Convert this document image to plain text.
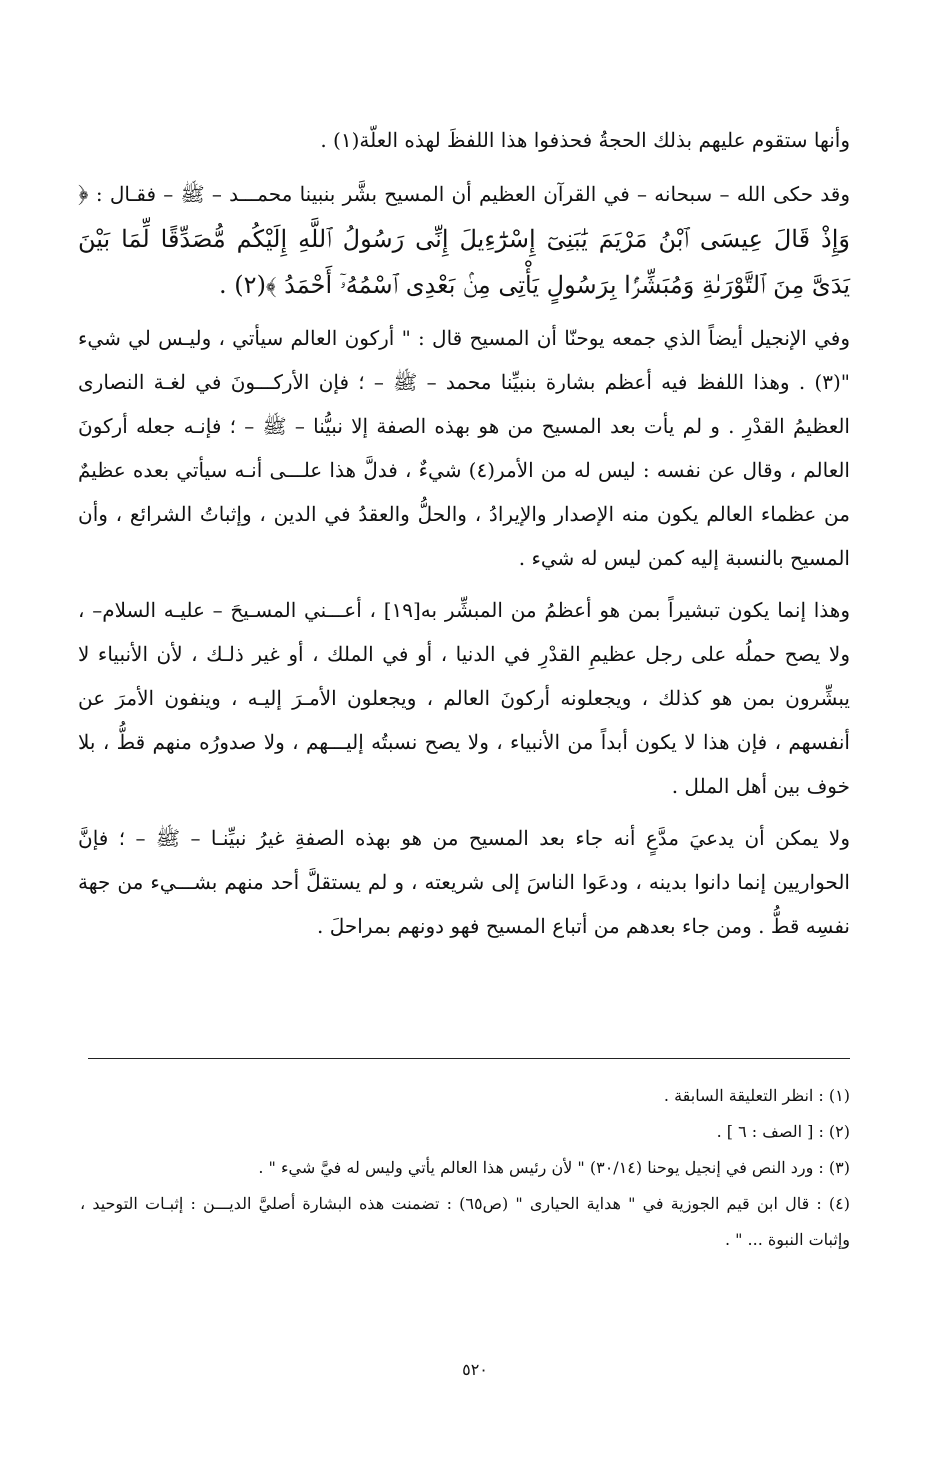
وأنها ستقوم عليهم بذلك الحجةُ فحذفوا هذا اللفظَ لهذه العلّة(١) .

وقد حكى الله – سبحانه – في القرآن العظيم أن المسيح بشَّر بنبينا محمـــد – ﷺ – فقـال : ﴿ وَإِذْ قَالَ عِيسَى ٱبْنُ مَرْيَمَ يَٰبَنِىٓ إِسْرَٰٓءِيلَ إِنِّى رَسُولُ ٱللَّهِ إِلَيْكُم مُّصَدِّقًا لِّمَا بَيْنَ يَدَىَّ مِنَ ٱلتَّوْرَىٰةِ وَمُبَشِّرًۢا بِرَسُولٍ يَأْتِى مِنۢ بَعْدِى ٱسْمُهُۥٓ أَحْمَدُ ﴾(٢) .

وفي الإنجيل أيضاً الذي جمعه يوحنّا أن المسيح قال : " أركون العالم سيأتي ، وليـس لي شيء "(٣) . وهذا اللفظ فيه أعظم بشارة بنبيِّنا محمد – ﷺ – ؛ فإن الأركـــونَ في لغـة النصارى العظيمُ القدْرِ . و لم يأت بعد المسيح من هو بهذه الصفة إلا نبيُّنا – ﷺ – ؛ فإنـه جعله أركونَ العالم ، وقال عن نفسه : ليس له من الأمر(٤) شيءٌ ، فدلَّ هذا علـــى أنـه سيأتي بعده عظيمٌ من عظماء العالم يكون منه الإصدار والإيرادُ ، والحلُّ والعقدُ في الدين ، وإثباتُ الشرائع ، وأن المسيح بالنسبة إليه كمن ليس له شيء .

وهذا إنما يكون تبشيراً بمن هو أعظمُ من المبشِّر به[١٩] ، أعـــني المسـيحَ – عليـه السلام– ، ولا يصح حملُه على رجل عظيمِ القدْرِ في الدنيا ، أو في الملك ، أو غير ذلـك ، لأن الأنبياء لا يبشِّرون بمن هو كذلك ، ويجعلونه أركونَ العالم ، ويجعلون الأمـرَ إليـه ، وينفون الأمرَ عن أنفسهم ، فإن هذا لا يكون أبداً من الأنبياء ، ولا يصح نسبتُه إليـــهم ، ولا صدورُه منهم قطُّ ، بلا خوف بين أهل الملل .

ولا يمكن أن يدعيَ مدَّعٍ أنه جاء بعد المسيح من هو بهذه الصفةِ غيرُ نبيِّنـا – ﷺ – ؛ فإنَّ الحواريين إنما دانوا بدينه ، ودعَوا الناسَ إلى شريعته ، و لم يستقلَّ أحد منهم بشـــيء من جهة نفسِه قطُّ . ومن جاء بعدهم من أتباع المسيح فهو دونهم بمراحلَ .

(١) : انظر التعليقة السابقة .

(٢) : [ الصف : ٦ ] .

(٣) : ورد النص في إنجيل يوحنا (٣٠/١٤) " لأن رئيس هذا العالم يأتي وليس له فيَّ شيء " .

(٤) : قال ابن قيم الجوزية في " هداية الحيارى " (ص٦٥) : تضمنت هذه البشارة أصليَّ الديـــن : إثبـات التوحيد ، وإثبات النبوة ... " .

٥٢٠
